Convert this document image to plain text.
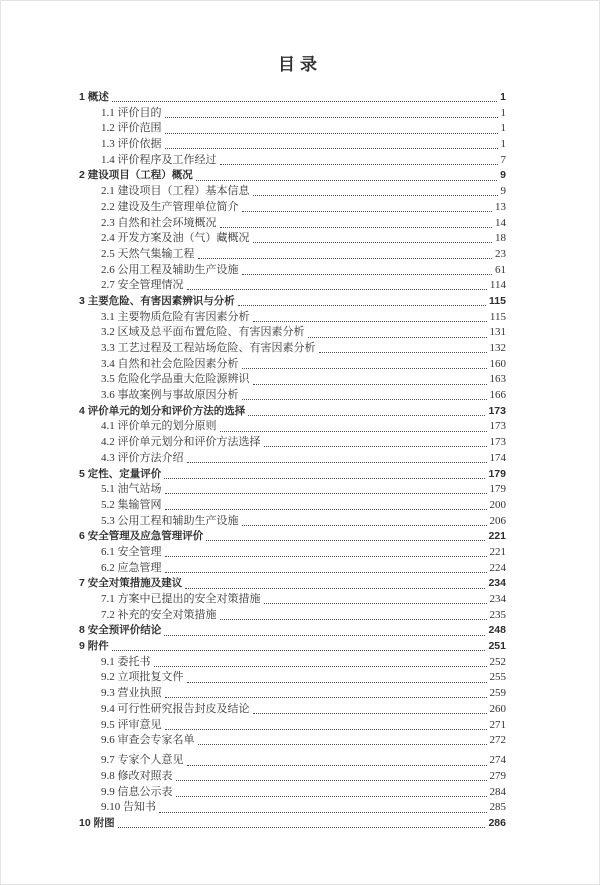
目录
1 概述	1
1.1 评价目的	1
1.2 评价范围	1
1.3 评价依据	1
1.4 评价程序及工作经过	7
2 建设项目（工程）概况	9
2.1 建设项目（工程）基本信息	9
2.2 建设及生产管理单位简介	13
2.3 自然和社会环境概况	14
2.4 开发方案及油（气）藏概况	18
2.5 天然气集输工程	23
2.6 公用工程及辅助生产设施	61
2.7 安全管理情况	114
3 主要危险、有害因素辨识与分析	115
3.1 主要物质危险有害因素分析	115
3.2 区域及总平面布置危险、有害因素分析	131
3.3 工艺过程及工程站场危险、有害因素分析	132
3.4 自然和社会危险因素分析	160
3.5 危险化学品重大危险源辨识	163
3.6 事故案例与事故原因分析	166
4 评价单元的划分和评价方法的选择	173
4.1 评价单元的划分原则	173
4.2 评价单元划分和评价方法选择	173
4.3 评价方法介绍	174
5 定性、定量评价	179
5.1 油气站场	179
5.2 集输管网	200
5.3 公用工程和辅助生产设施	206
6 安全管理及应急管理评价	221
6.1 安全管理	221
6.2 应急管理	224
7 安全对策措施及建议	234
7.1 方案中已提出的安全对策措施	234
7.2 补充的安全对策措施	235
8 安全预评价结论	248
9 附件	251
9.1 委托书	252
9.2 立项批复文件	255
9.3 营业执照	259
9.4 可行性研究报告封皮及结论	260
9.5 评审意见	271
9.6 审查会专家名单	272
9.7 专家个人意见	274
9.8 修改对照表	279
9.9 信息公示表	284
9.10 告知书	285
10 附图	286
